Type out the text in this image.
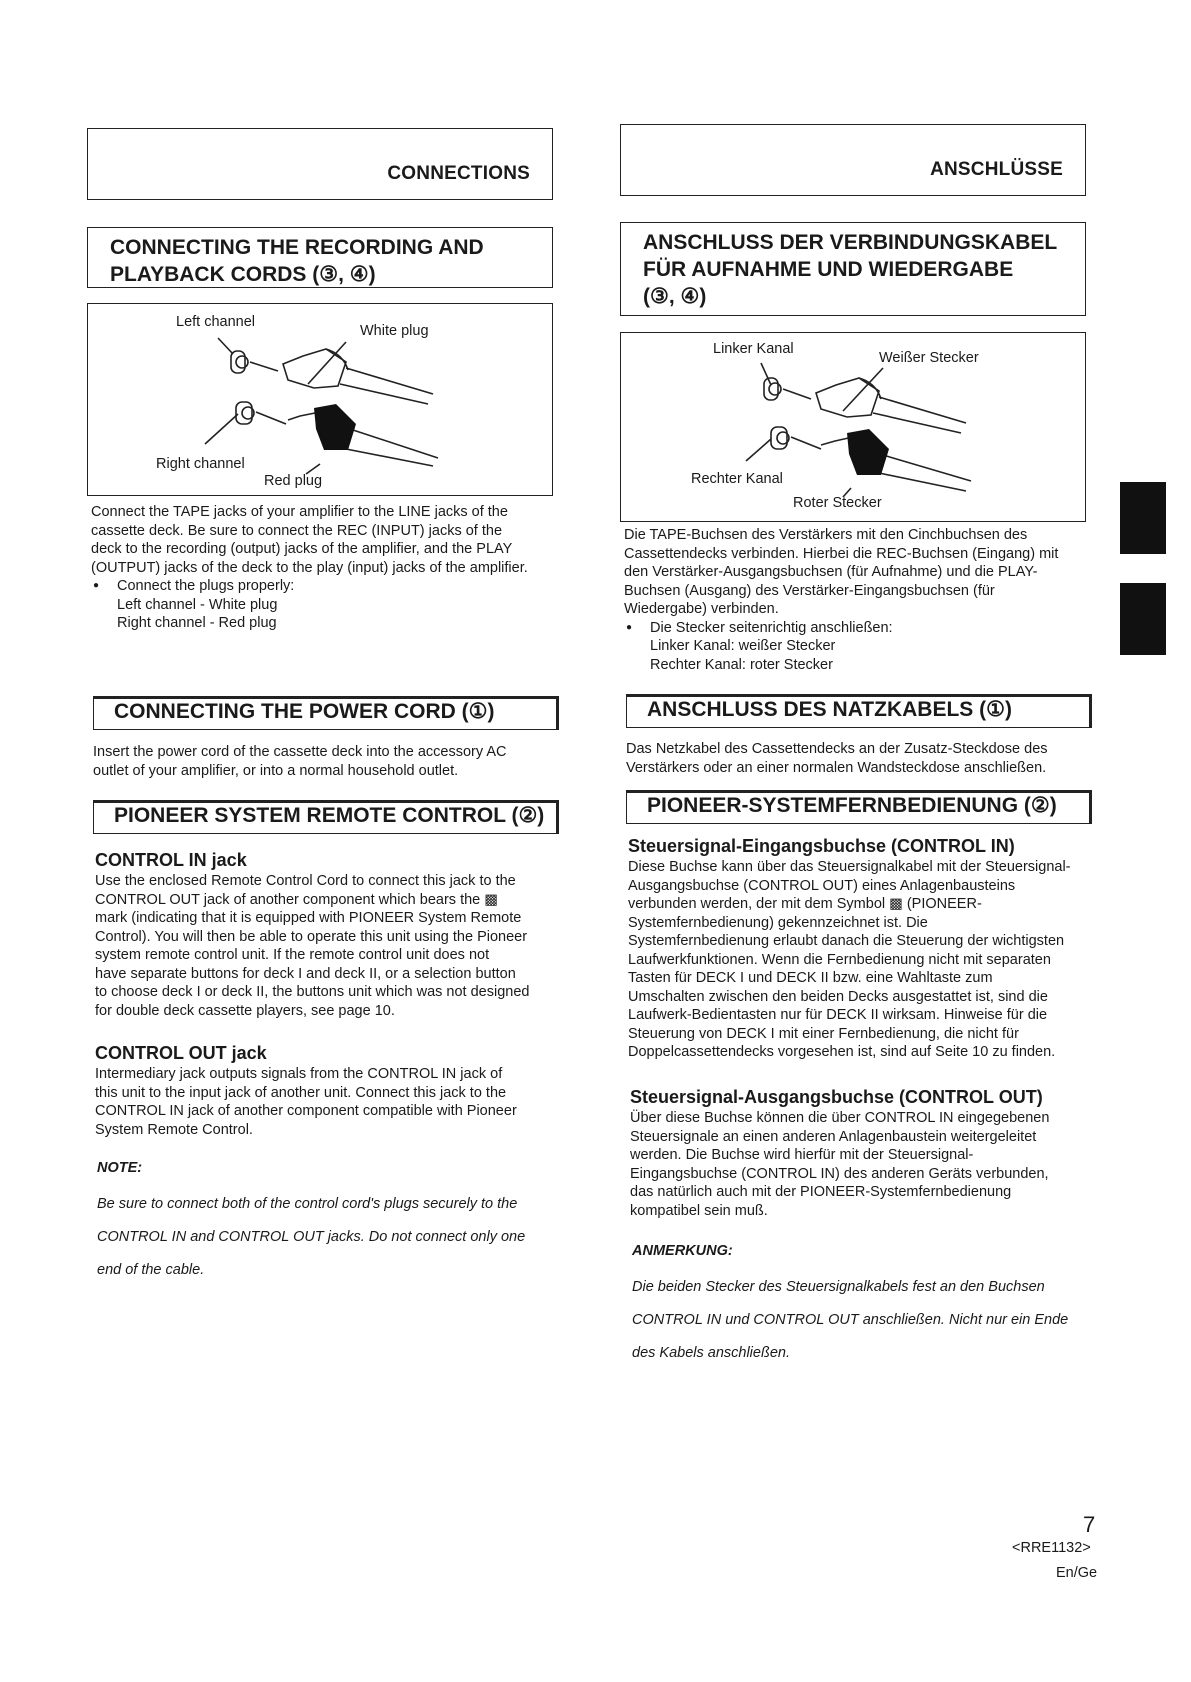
CONNECTIONS	ANSCHLÜSSE
CONNECTING THE RECORDING AND
PLAYBACK CORDS (③, ④)
Left channel
White plug
Right channel
Red plug

Connect the TAPE jacks of your amplifier to the LINE jacks of the

cassette deck. Be sure to connect the REC (INPUT) jacks of the

deck to the recording (output) jacks of the amplifier, and the PLAY

(OUTPUT) jacks of the deck to the play (input) jacks of the amplifier.

● Connect the plugs properly:

Left channel - White plug

Right channel - Red plug

CONNECTING THE POWER CORD (①)

Insert the power cord of the cassette deck into the accessory AC

outlet of your amplifier, or into a normal household outlet.

PIONEER SYSTEM REMOTE CONTROL (②)
CONTROL IN jack

Use the enclosed Remote Control Cord to connect this jack to the

CONTROL OUT jack of another component which bears the ▩

mark (indicating that it is equipped with PIONEER System Remote

Control). You will then be able to operate this unit using the Pioneer

system remote control unit. If the remote control unit does not

have separate buttons for deck I and deck II, or a selection button

to choose deck I or deck II, the buttons unit which was not designed

for double deck cassette players, see page 10.

CONTROL OUT jack

Intermediary jack outputs signals from the CONTROL IN jack of

this unit to the input jack of another unit. Connect this jack to the

CONTROL IN jack of another component compatible with Pioneer

System Remote Control.

NOTE:

Be sure to connect both of the control cord's plugs securely to the

CONTROL IN and CONTROL OUT jacks. Do not connect only one

end of the cable.

ANSCHLUSS DER VERBINDUNGSKABEL
FÜR AUFNAHME UND WIEDERGABE
(③, ④)
Linker Kanal
Weißer Stecker
Rechter Kanal
Roter Stecker

Die TAPE-Buchsen des Verstärkers mit den Cinchbuchsen des

Cassettendecks verbinden. Hierbei die REC-Buchsen (Eingang) mit

den Verstärker-Ausgangsbuchsen (für Aufnahme) und die PLAY-

Buchsen (Ausgang) des Verstärker-Eingangsbuchsen (für

Wiedergabe) verbinden.

● Die Stecker seitenrichtig anschließen:

Linker Kanal: weißer Stecker

Rechter Kanal: roter Stecker

ANSCHLUSS DES NATZKABELS (①)

Das Netzkabel des Cassettendecks an der Zusatz-Steckdose des

Verstärkers oder an einer normalen Wandsteckdose anschließen.

PIONEER-SYSTEMFERNBEDIENUNG (②)
Steuersignal-Eingangsbuchse (CONTROL IN)

Diese Buchse kann über das Steuersignalkabel mit der Steuersignal-

Ausgangsbuchse (CONTROL OUT) eines Anlagenbausteins

verbunden werden, der mit dem Symbol ▩ (PIONEER-

Systemfernbedienung) gekennzeichnet ist. Die

Systemfernbedienung erlaubt danach die Steuerung der wichtigsten

Laufwerkfunktionen. Wenn die Fernbedienung nicht mit separaten

Tasten für DECK I und DECK II bzw. eine Wahltaste zum

Umschalten zwischen den beiden Decks ausgestattet ist, sind die

Laufwerk-Bedientasten nur für DECK II wirksam. Hinweise für die

Steuerung von DECK I mit einer Fernbedienung, die nicht für

Doppelcassettendecks vorgesehen ist, sind auf Seite 10 zu finden.

Steuersignal-Ausgangsbuchse (CONTROL OUT)

Über diese Buchse können die über CONTROL IN eingegebenen

Steuersignale an einen anderen Anlagenbaustein weitergeleitet

werden. Die Buchse wird hierfür mit der Steuersignal-

Eingangsbuchse (CONTROL IN) des anderen Geräts verbunden,

das natürlich auch mit der PIONEER-Systemfernbedienung

kompatibel sein muß.

ANMERKUNG:

Die beiden Stecker des Steuersignalkabels fest an den Buchsen

CONTROL IN und CONTROL OUT anschließen. Nicht nur ein Ende

des Kabels anschließen.

7
<RRE1132>
En/Ge
